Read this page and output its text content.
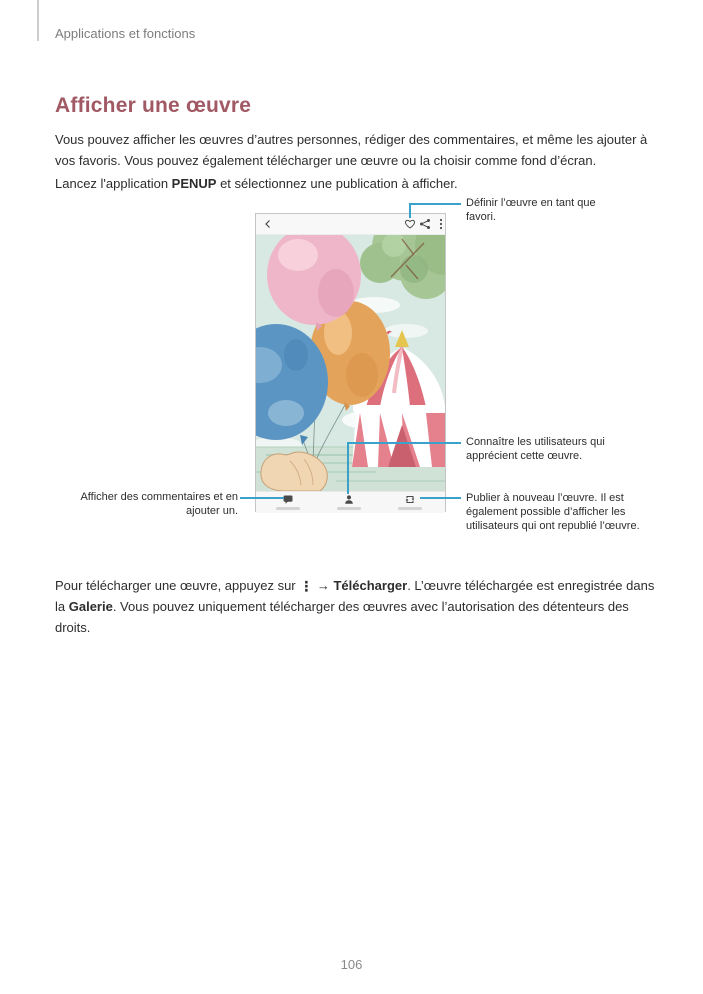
Applications et fonctions
Afficher une œuvre

Vous pouvez afficher les œuvres d’autres personnes, rédiger des commentaires, et même les ajouter à vos favoris. Vous pouvez également télécharger une œuvre ou la choisir comme fond d’écran.

Lancez l'application PENUP et sélectionnez une publication à afficher.

Définir l’œuvre en tant que favori.
Connaître les utilisateurs qui apprécient cette œuvre.
Publier à nouveau l’œuvre. Il est également possible d’afficher les utilisateurs qui ont republié l’œuvre.
Afficher des commentaires et en ajouter un.

Pour télécharger une œuvre, appuyez sur ⋮ → Télécharger. L’œuvre téléchargée est enregistrée dans la Galerie. Vous pouvez uniquement télécharger des œuvres avec l’autorisation des détenteurs des droits.

106
